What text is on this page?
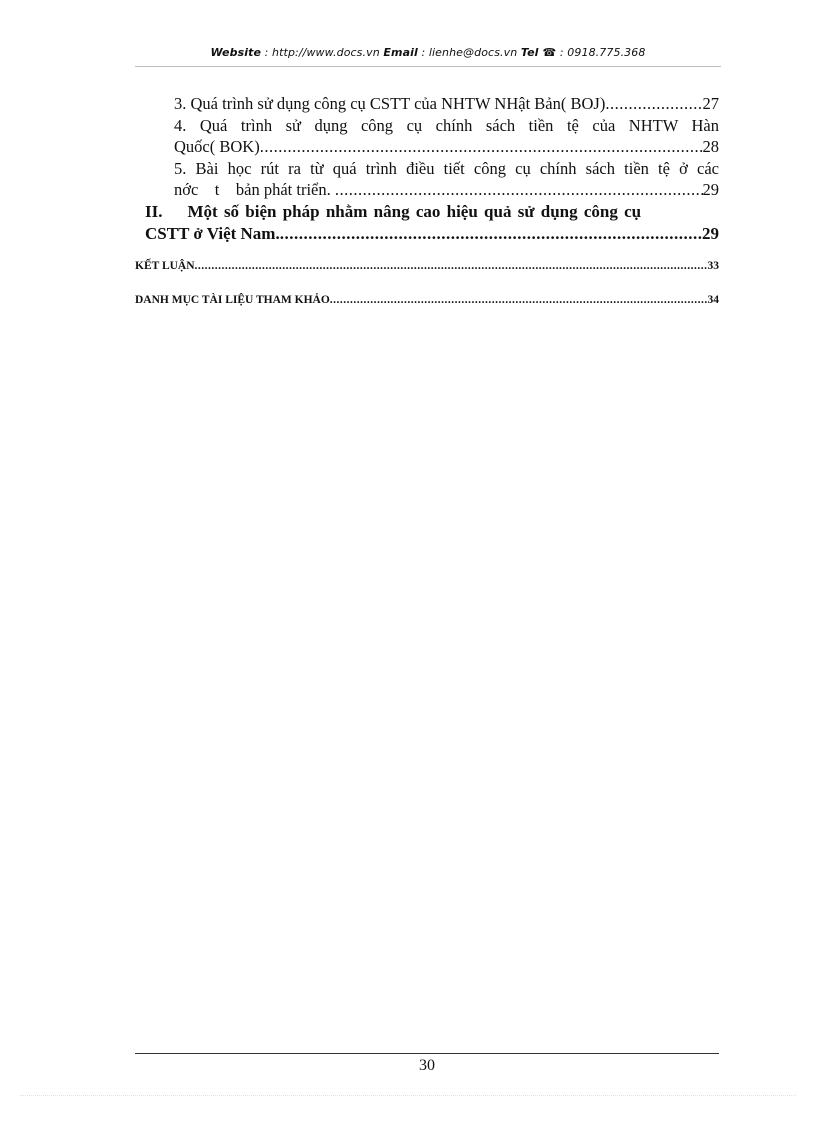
Website : http://www.docs.vn Email : lienhe@docs.vn Tel ☎ : 0918.775.368
3. Quá trình sử dụng công cụ CSTT của NHTW NHật Bản( BOJ) .....	27
4. Quá trình sử dụng công cụ chính sách tiền tệ của NHTW Hàn
Quốc( BOK) .....	28
5. Bài học rút ra từ quá trình điều tiết công cụ chính sách tiền tệ ở các
nớc    t    bản phát triển. .....	29
II.    Một số biện pháp nhằm nâng cao hiệu quả sử dụng công cụ
CSTT ở Việt Nam. .....	29
KẾT LUẬN .....	33
DANH MỤC TÀI LIỆU THAM KHẢO .....	34
30
